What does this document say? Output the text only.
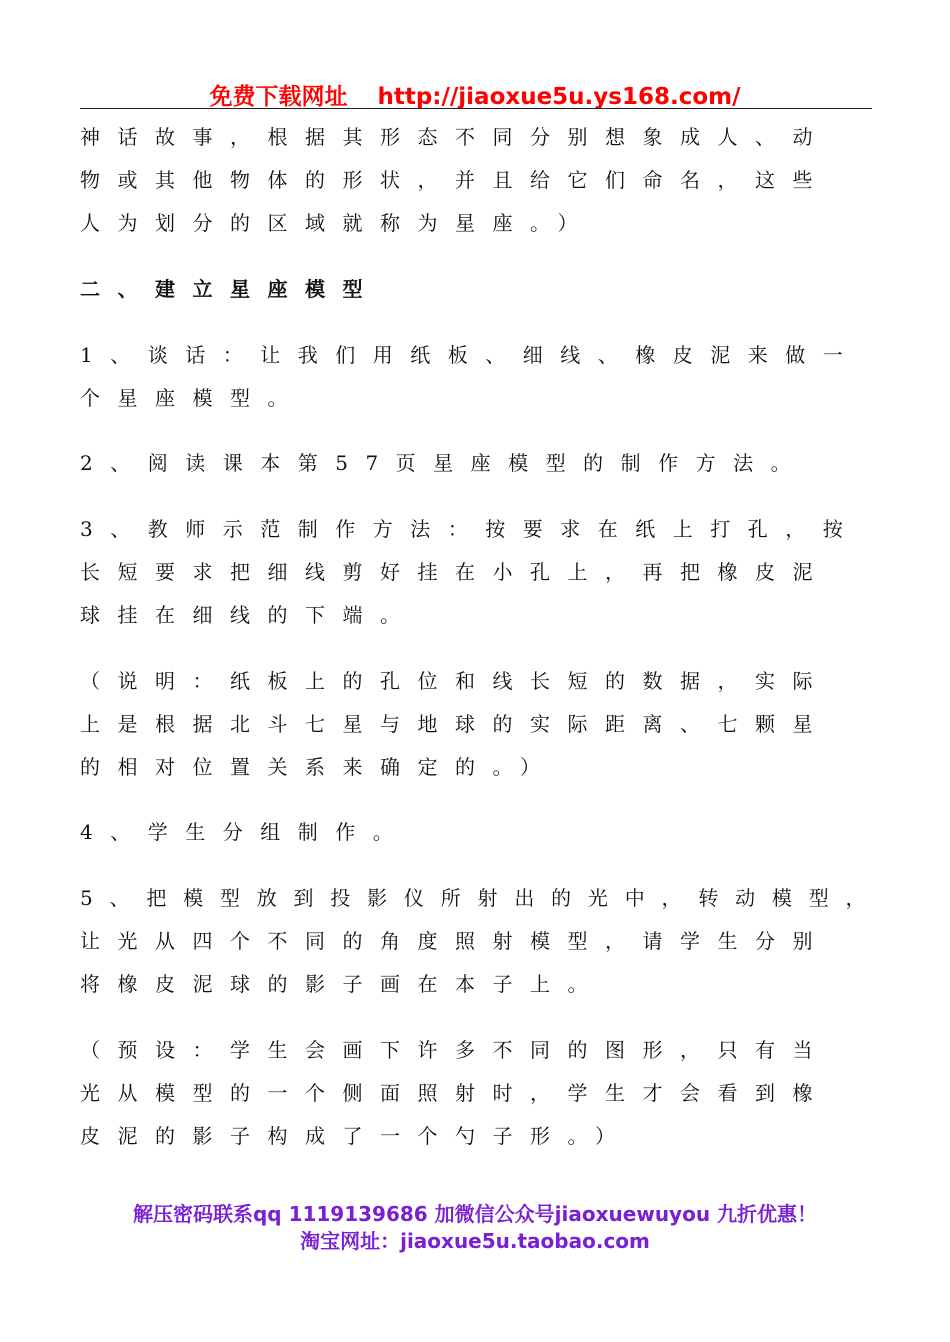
免费下载网址 http://jiaoxue5u.ys168.com/
神话故事，根据其形态不同分别想象成人、动
物或其他物体的形状，并且给它们命名，这些
人为划分的区域就称为星座。）
二、建立星座模型
1、谈话：让我们用纸板、细线、橡皮泥来做一
个星座模型。
2、阅读课本第57页星座模型的制作方法。
3、教师示范制作方法：按要求在纸上打孔，按
长短要求把细线剪好挂在小孔上，再把橡皮泥
球挂在细线的下端。
（说明：纸板上的孔位和线长短的数据，实际
上是根据北斗七星与地球的实际距离、七颗星
的相对位置关系来确定的。）
4、学生分组制作。
5、把模型放到投影仪所射出的光中，转动模型，
让光从四个不同的角度照射模型，请学生分别
将橡皮泥球的影子画在本子上。
（预设：学生会画下许多不同的图形，只有当
光从模型的一个侧面照射时，学生才会看到橡
皮泥的影子构成了一个勺子形。）
解压密码联系qq 1119139686 加微信公众号jiaoxuewuyou 九折优惠！
淘宝网址：jiaoxue5u.taobao.com
